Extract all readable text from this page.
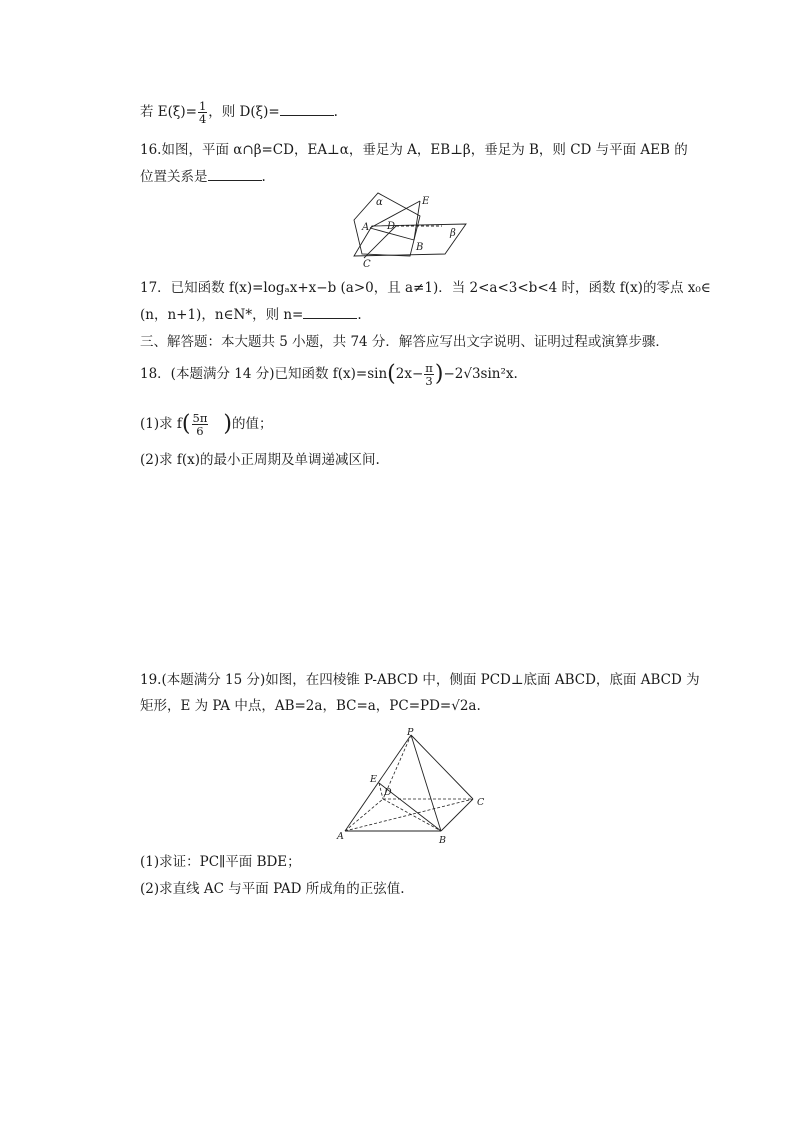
若 $E(\xi)= \frac{1}{4}$ ，则 D(ξ)=	.
16.如图，平面 α∩β=CD，EA⊥α，垂足为 A，EB⊥β，垂足为 B，则 CD 与平面 AEB 的
位置关系是	.
α	E
A D
B
β
C
17．已知函数 f(x)=logₐx+x−b (a>0，且 a≠1)．当 2<a<3<b<4 时，函数 f(x)的零点 x₀∈
(n，n+1)，n∈N*，则 n=	.
三、解答题：本大题共 5 小题，共 74 分．解答应写出文字说明、证明过程或演算步骤．
18．(本题满分 14 分)已知函数 $f(x)=\sin(2x- \frac{\pi}{3} )-2√3\sin^2x$.
(1)求 $f( \frac{5\pi}{6}$ )的值；
(2)求 f(x)的最小正周期及单调递减区间.
19.(本题满分 15 分)如图，在四棱锥 P-ABCD 中，侧面 PCD⊥底面 ABCD，底面 ABCD 为
矩形，E 为 PA 中点，AB=2a，BC=a，PC=PD=√2a.
P
E
D
C
A	B
(1)求证：PC∥平面 BDE；
(2)求直线 AC 与平面 PAD 所成角的正弦值.
